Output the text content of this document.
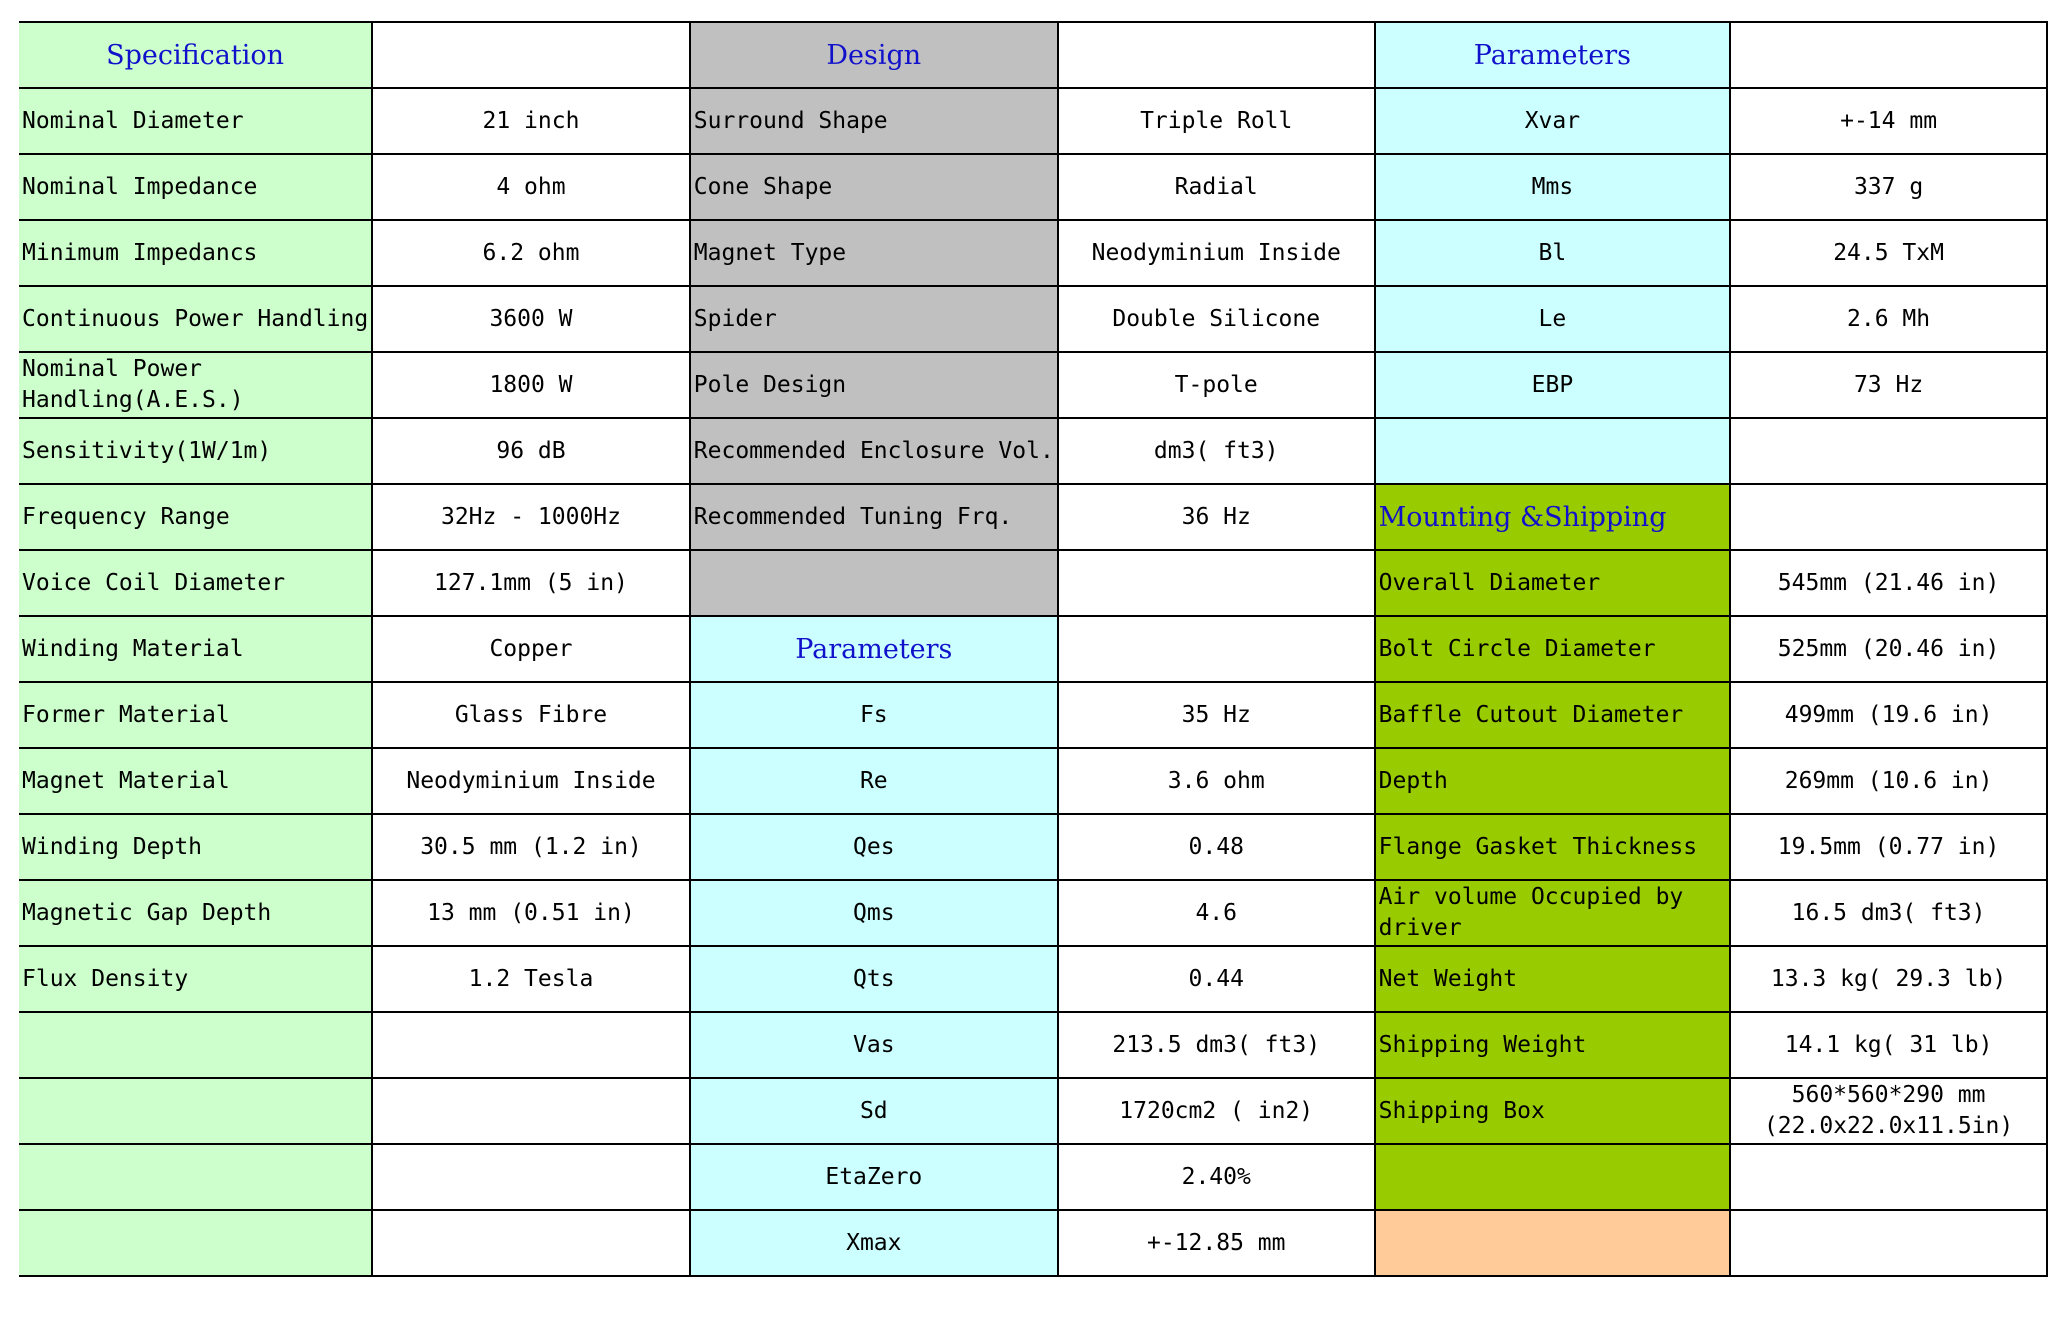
Specification		Design		Parameters	
Nominal Diameter	21 inch	Surround Shape	Triple Roll	Xvar	+-14 mm
Nominal Impedance	4 ohm	Cone Shape	Radial	Mms	337 g
Minimum Impedancs	6.2 ohm	Magnet Type	Neodyminium Inside	Bl	24.5 TxM
Continuous Power Handling	3600 W	Spider	Double Silicone	Le	2.6 Mh
Nominal Power Handling(A.E.S.)	1800 W	Pole Design	T-pole	EBP	73 Hz
Sensitivity(1W/1m)	96 dB	Recommended Enclosure Vol.	dm3( ft3)		
Frequency Range	32Hz - 1000Hz	Recommended Tuning Frq.	36 Hz	Mounting &Shipping	
Voice Coil Diameter	127.1mm (5 in)			Overall Diameter	545mm (21.46 in)
Winding Material	Copper	Parameters		Bolt Circle Diameter	525mm (20.46 in)
Former Material	Glass Fibre	Fs	35 Hz	Baffle Cutout Diameter	499mm (19.6 in)
Magnet Material	Neodyminium Inside	Re	3.6 ohm	Depth	269mm (10.6 in)
Winding Depth	30.5 mm (1.2 in)	Qes	0.48	Flange Gasket Thickness	19.5mm (0.77 in)
Magnetic Gap Depth	13 mm (0.51 in)	Qms	4.6	Air volume Occupied by driver	16.5 dm3( ft3)
Flux Density	1.2 Tesla	Qts	0.44	Net Weight	13.3 kg( 29.3 lb)
		Vas	213.5 dm3( ft3)	Shipping Weight	14.1 kg( 31 lb)
		Sd	1720cm2 ( in2)	Shipping Box	560*560*290 mm (22.0x22.0x11.5in)
		EtaZero	2.40%		
		Xmax	+-12.85 mm		
